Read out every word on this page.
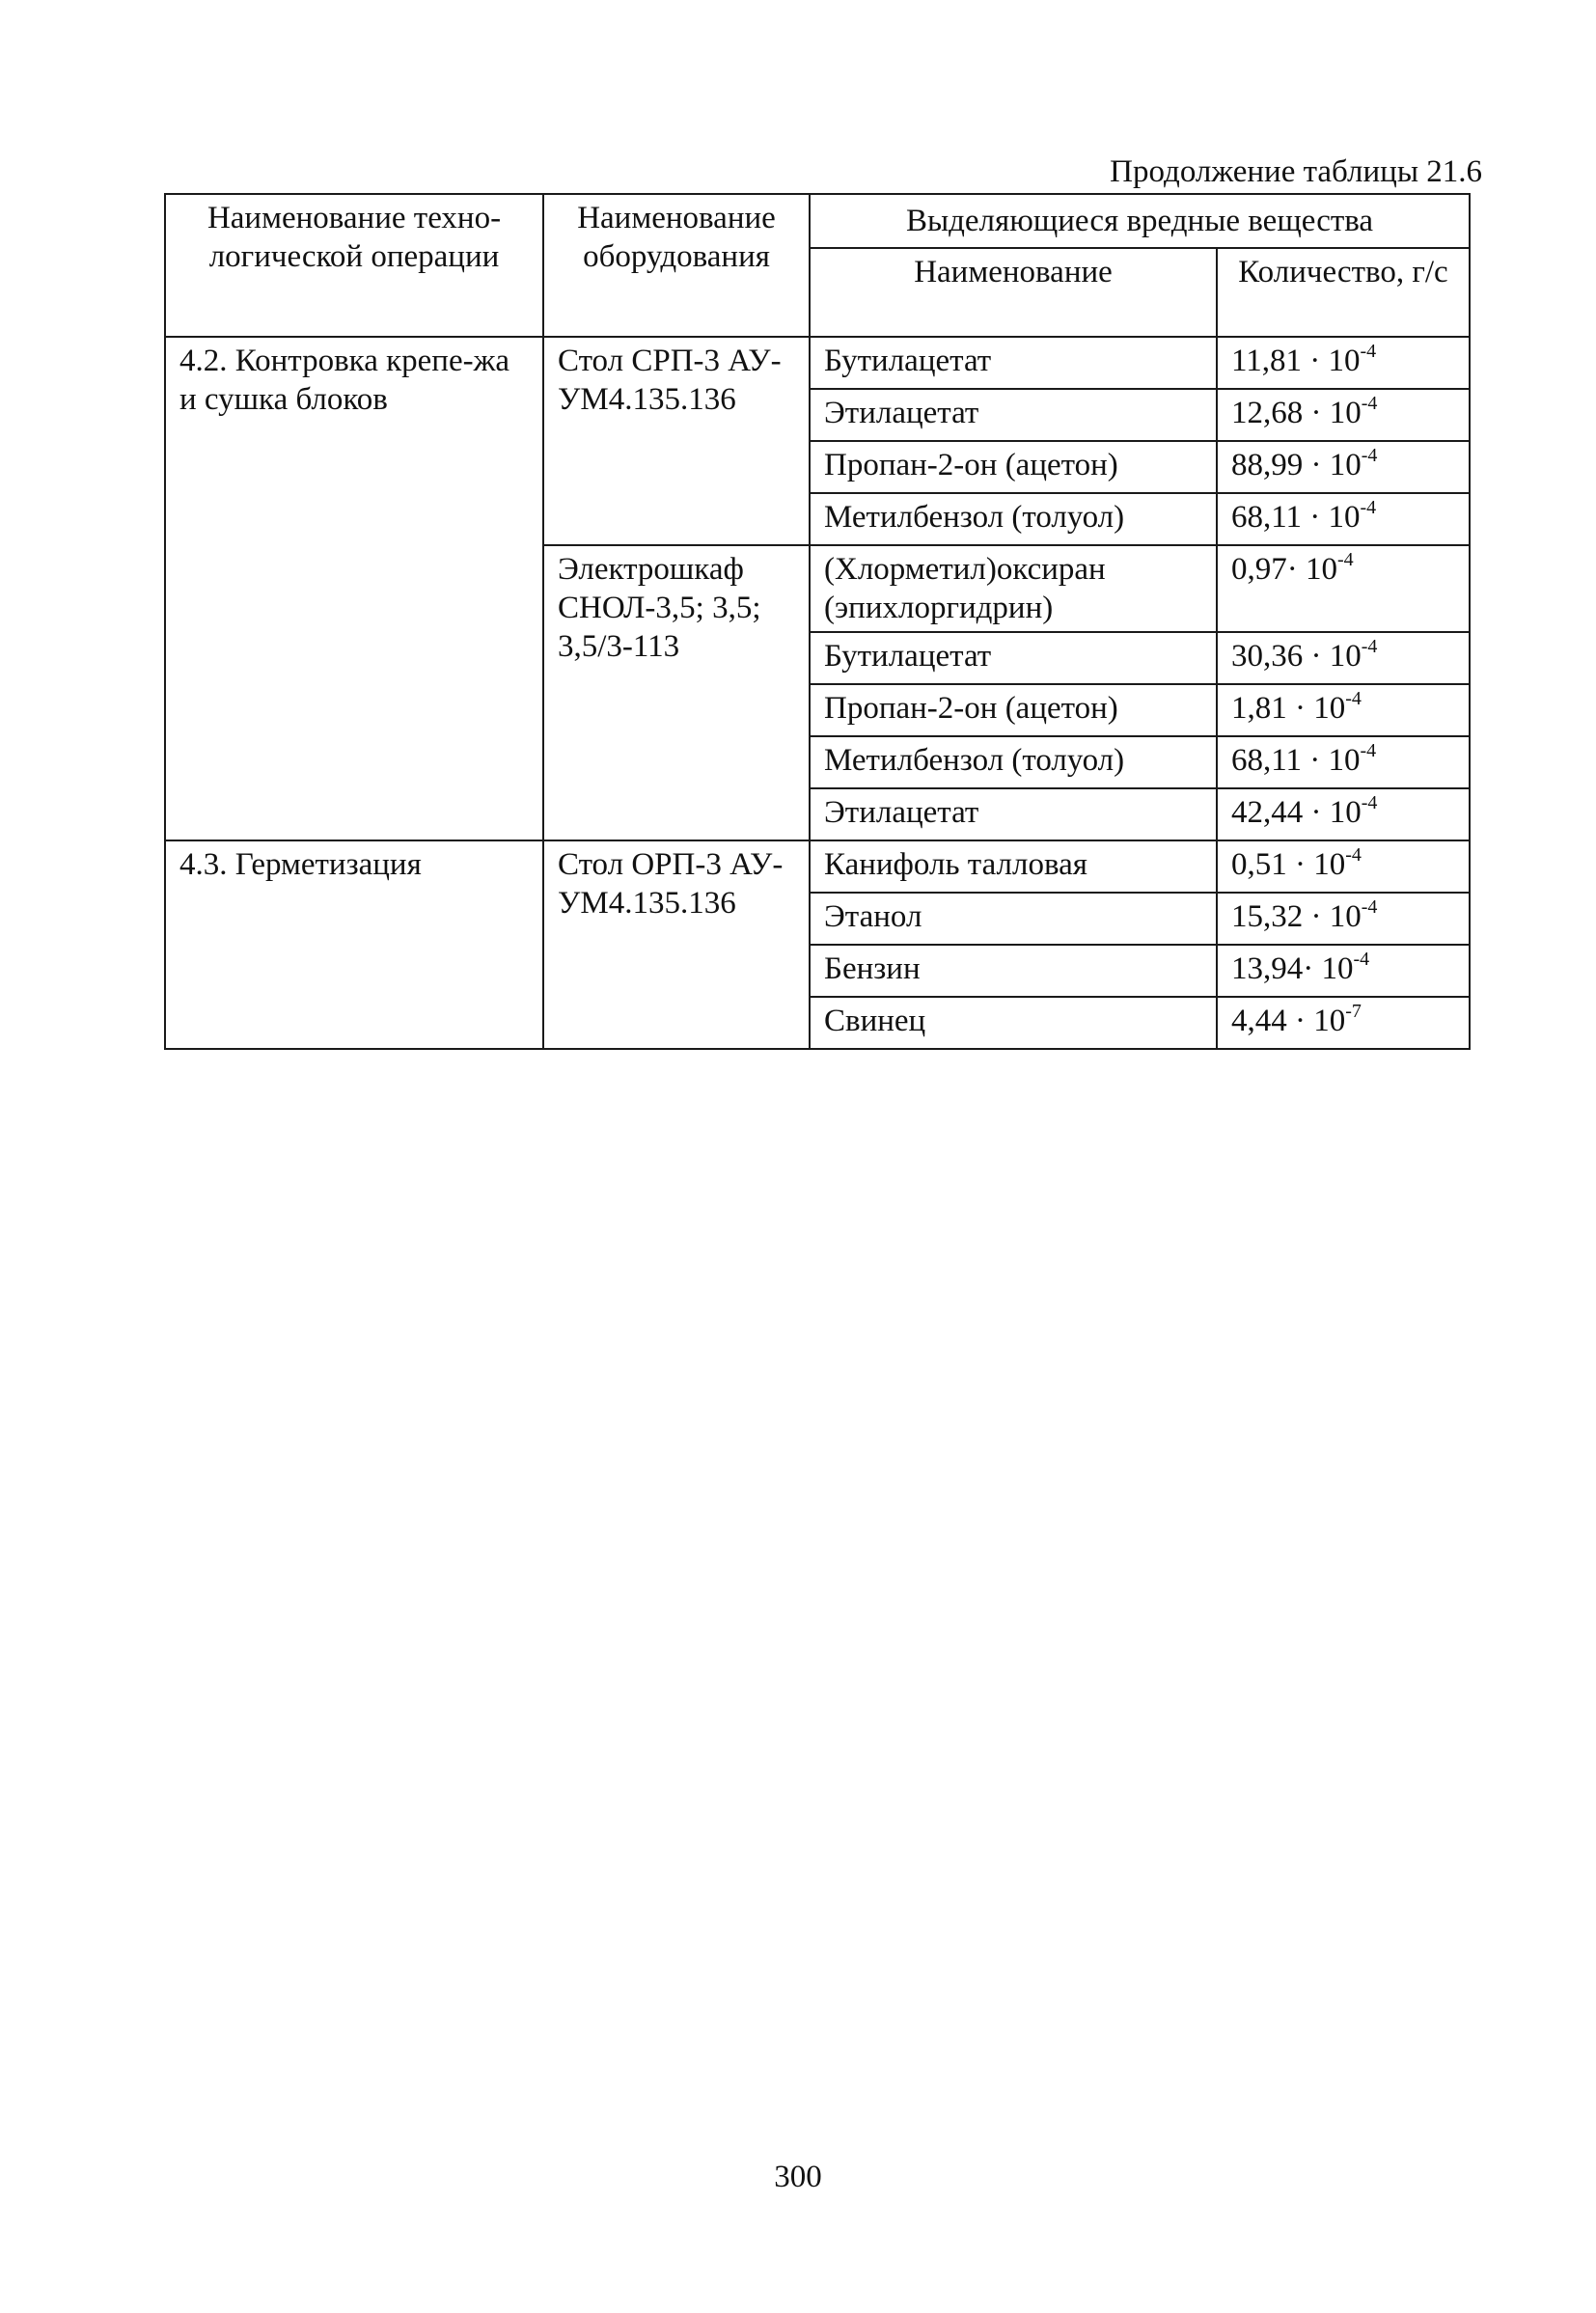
Продолжение таблицы 21.6
Наименование техно-логической операции	Наименование оборудования	Выделяющиеся вредные вещества	
		Наименование	Количество, г/с
4.2. Контровка крепе-жа и сушка блоков	Стол СРП-3 АУ-УМ4.135.136	Бутилацетат	$11,81 \cdot 10^{-4}$
		Этилацетат	$12,68 \cdot 10^{-4}$
		Пропан-2-он (ацетон)	$88,99 \cdot 10^{-4}$
		Метилбензол (толуол)	$68,11 \cdot 10^{-4}$
	Электрошкаф СНОЛ-3,5; 3,5; 3,5/3-113	(Хлорметил)оксиран (эпихлоргидрин)	$0,97\cdot 10^{-4}$
		Бутилацетат	$30,36 \cdot 10^{-4}$
		Пропан-2-он (ацетон)	$1,81 \cdot 10^{-4}$
		Метилбензол (толуол)	$68,11 \cdot 10^{-4}$
		Этилацетат	$42,44 \cdot 10^{-4}$
4.3. Герметизация	Стол ОРП-3 АУ-УМ4.135.136	Канифоль талловая	$0,51 \cdot 10^{-4}$
		Этанол	$15,32 \cdot 10^{-4}$
		Бензин	$13,94\cdot 10^{-4}$
		Свинец	$4,44 \cdot 10^{-7}$
300
